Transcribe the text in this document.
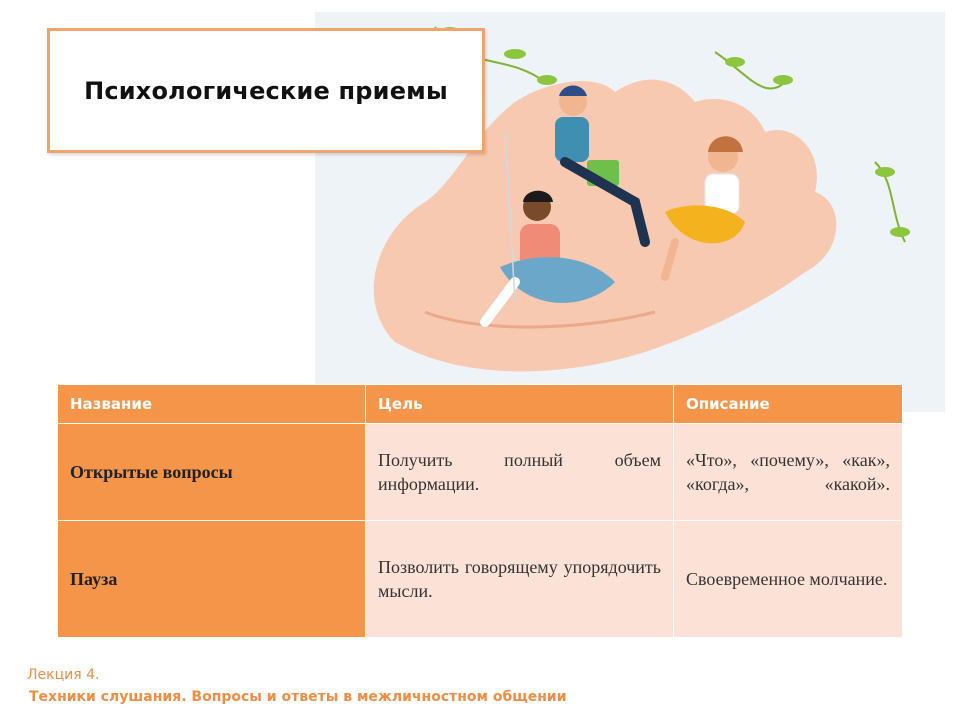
Психологические приемы
Название	Цель	Описание
Открытые вопросы	Получить полный объем информации.	«Что», «почему», «как», «когда», «какой».
Пауза	Позволить говорящему упорядочить мысли.	Своевременное молчание.
Лекция 4.
Техники слушания. Вопросы и ответы в межличностном общении
